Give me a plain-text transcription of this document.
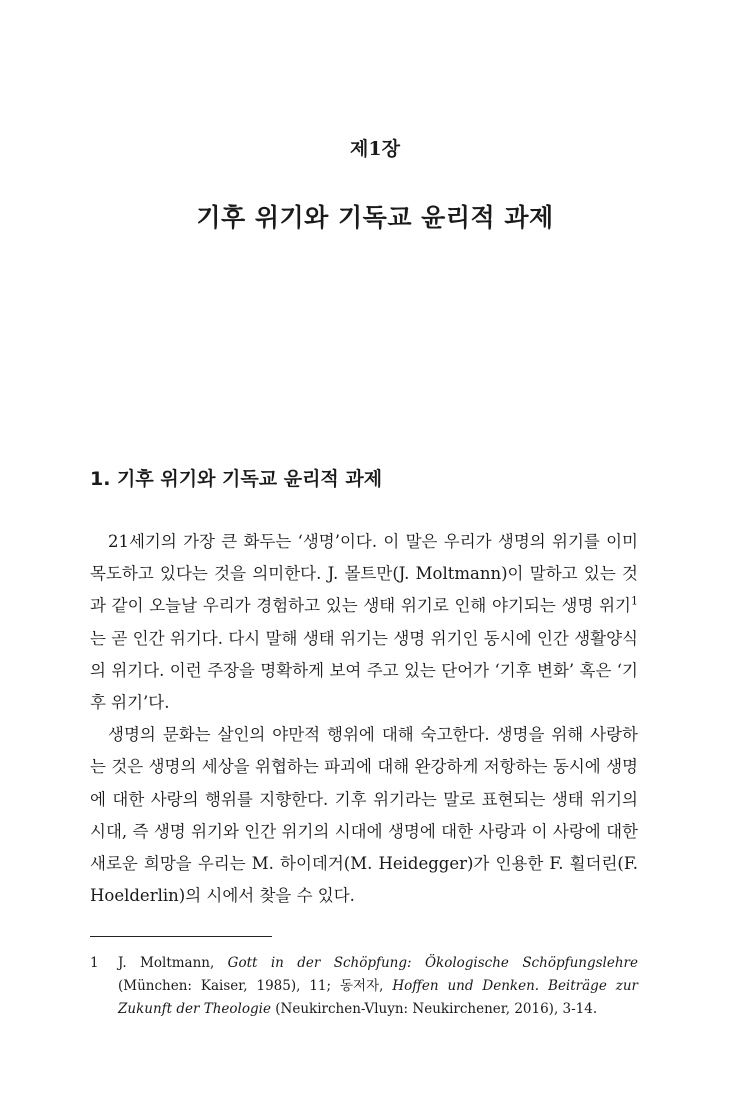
제1장
기후 위기와 기독교 윤리적 과제
1. 기후 위기와 기독교 윤리적 과제

21세기의 가장 큰 화두는 ‘생명’이다. 이 말은 우리가 생명의 위기를 이미 목도하고 있다는 것을 의미한다. J. 몰트만(J. Moltmann)이 말하고 있는 것과 같이 오늘날 우리가 경험하고 있는 생태 위기로 인해 야기되는 생명 위기$^1$는 곧 인간 위기다. 다시 말해 생태 위기는 생명 위기인 동시에 인간 생활양식의 위기다. 이런 주장을 명확하게 보여 주고 있는 단어가 ‘기후 변화’ 혹은 ‘기후 위기’다.

생명의 문화는 살인의 야만적 행위에 대해 숙고한다. 생명을 위해 사랑하는 것은 생명의 세상을 위협하는 파괴에 대해 완강하게 저항하는 동시에 생명에 대한 사랑의 행위를 지향한다. 기후 위기라는 말로 표현되는 생태 위기의 시대, 즉 생명 위기와 인간 위기의 시대에 생명에 대한 사랑과 이 사랑에 대한 새로운 희망을 우리는 M. 하이데거(M. Heidegger)가 인용한 F. 횔더린(F. Hoelderlin)의 시에서 찾을 수 있다.

1 J. Moltmann, Gott in der Schöpfung: Ökologische Schöpfungslehre (München: Kaiser, 1985), 11; 동저자, Hoffen und Denken. Beiträge zur Zukunft der Theologie (Neukirchen-Vluyn: Neukirchener, 2016), 3-14.
